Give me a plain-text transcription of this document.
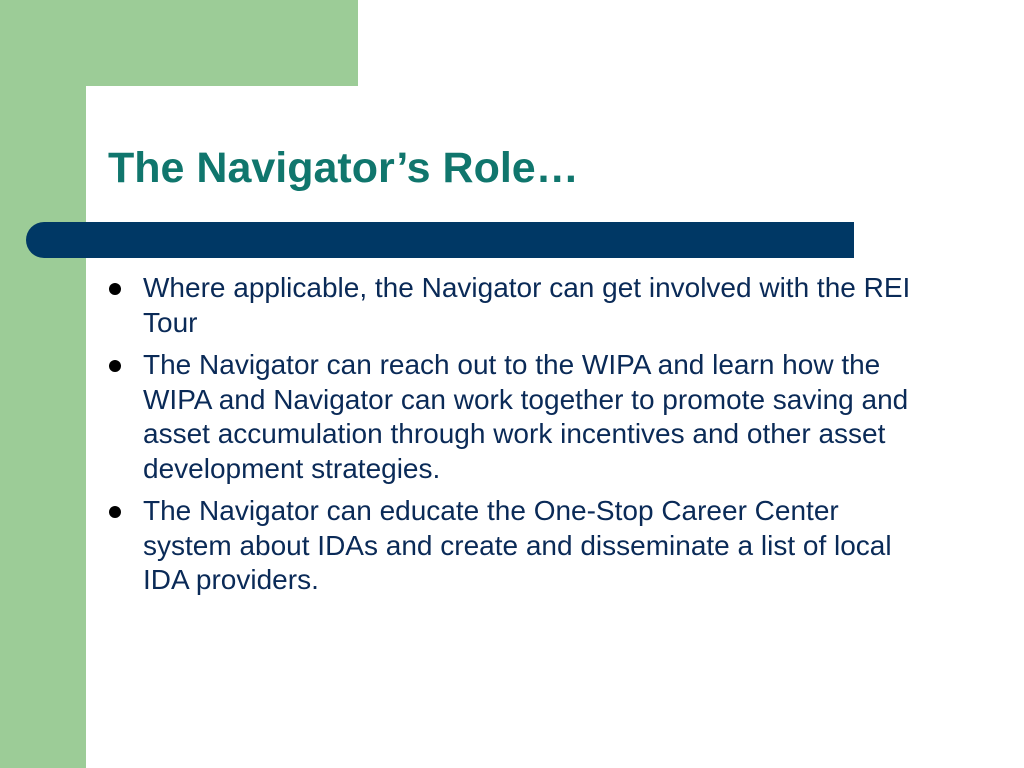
The Navigator’s Role…
Where applicable, the Navigator can get involved with the REI Tour
The Navigator can reach out to the WIPA and learn how the WIPA and Navigator can work together to promote saving and asset accumulation through work incentives and other asset development strategies.
The Navigator can educate the One-Stop Career Center system about IDAs and create and disseminate a list of local IDA providers.
